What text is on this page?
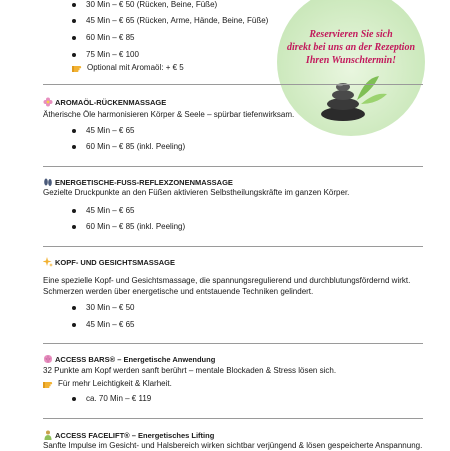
30 Min – € 50 (Rücken, Beine, Füße)
45 Min – € 65 (Rücken, Arme, Hände, Beine, Füße)
60 Min – € 85
75 Min – € 100
Optional mit Aromaöl: + € 5
Reservieren Sie sich
direkt bei uns an der Rezeption
Ihren Wunschtermin!
AROMAÖL-RÜCKENMASSAGE
Ätherische Öle harmonisieren Körper & Seele – spürbar tiefenwirksam.
45 Min – € 65
60 Min – € 85 (inkl. Peeling)
ENERGETISCHE-FUSS-REFLEXZONENMASSAGE
Gezielte Druckpunkte an den Füßen aktivieren Selbstheilungskräfte im ganzen Körper.
45 Min – € 65
60 Min – € 85 (inkl. Peeling)
KOPF- UND GESICHTSMASSAGE
Eine spezielle Kopf- und Gesichtsmassage, die spannungsregulierend und durchblutungsfördernd wirkt.
Schmerzen werden über energetische und entstauende Techniken gelindert.
30 Min – € 50
45 Min – € 65
ACCESS BARS® – Energetische Anwendung
32 Punkte am Kopf werden sanft berührt – mentale Blockaden & Stress lösen sich.
Für mehr Leichtigkeit & Klarheit.
ca. 70 Min – € 119
ACCESS FACELIFT® – Energetisches Lifting
Sanfte Impulse im Gesicht- und Halsbereich wirken sichtbar verjüngend & lösen gespeicherte Anspannung.
